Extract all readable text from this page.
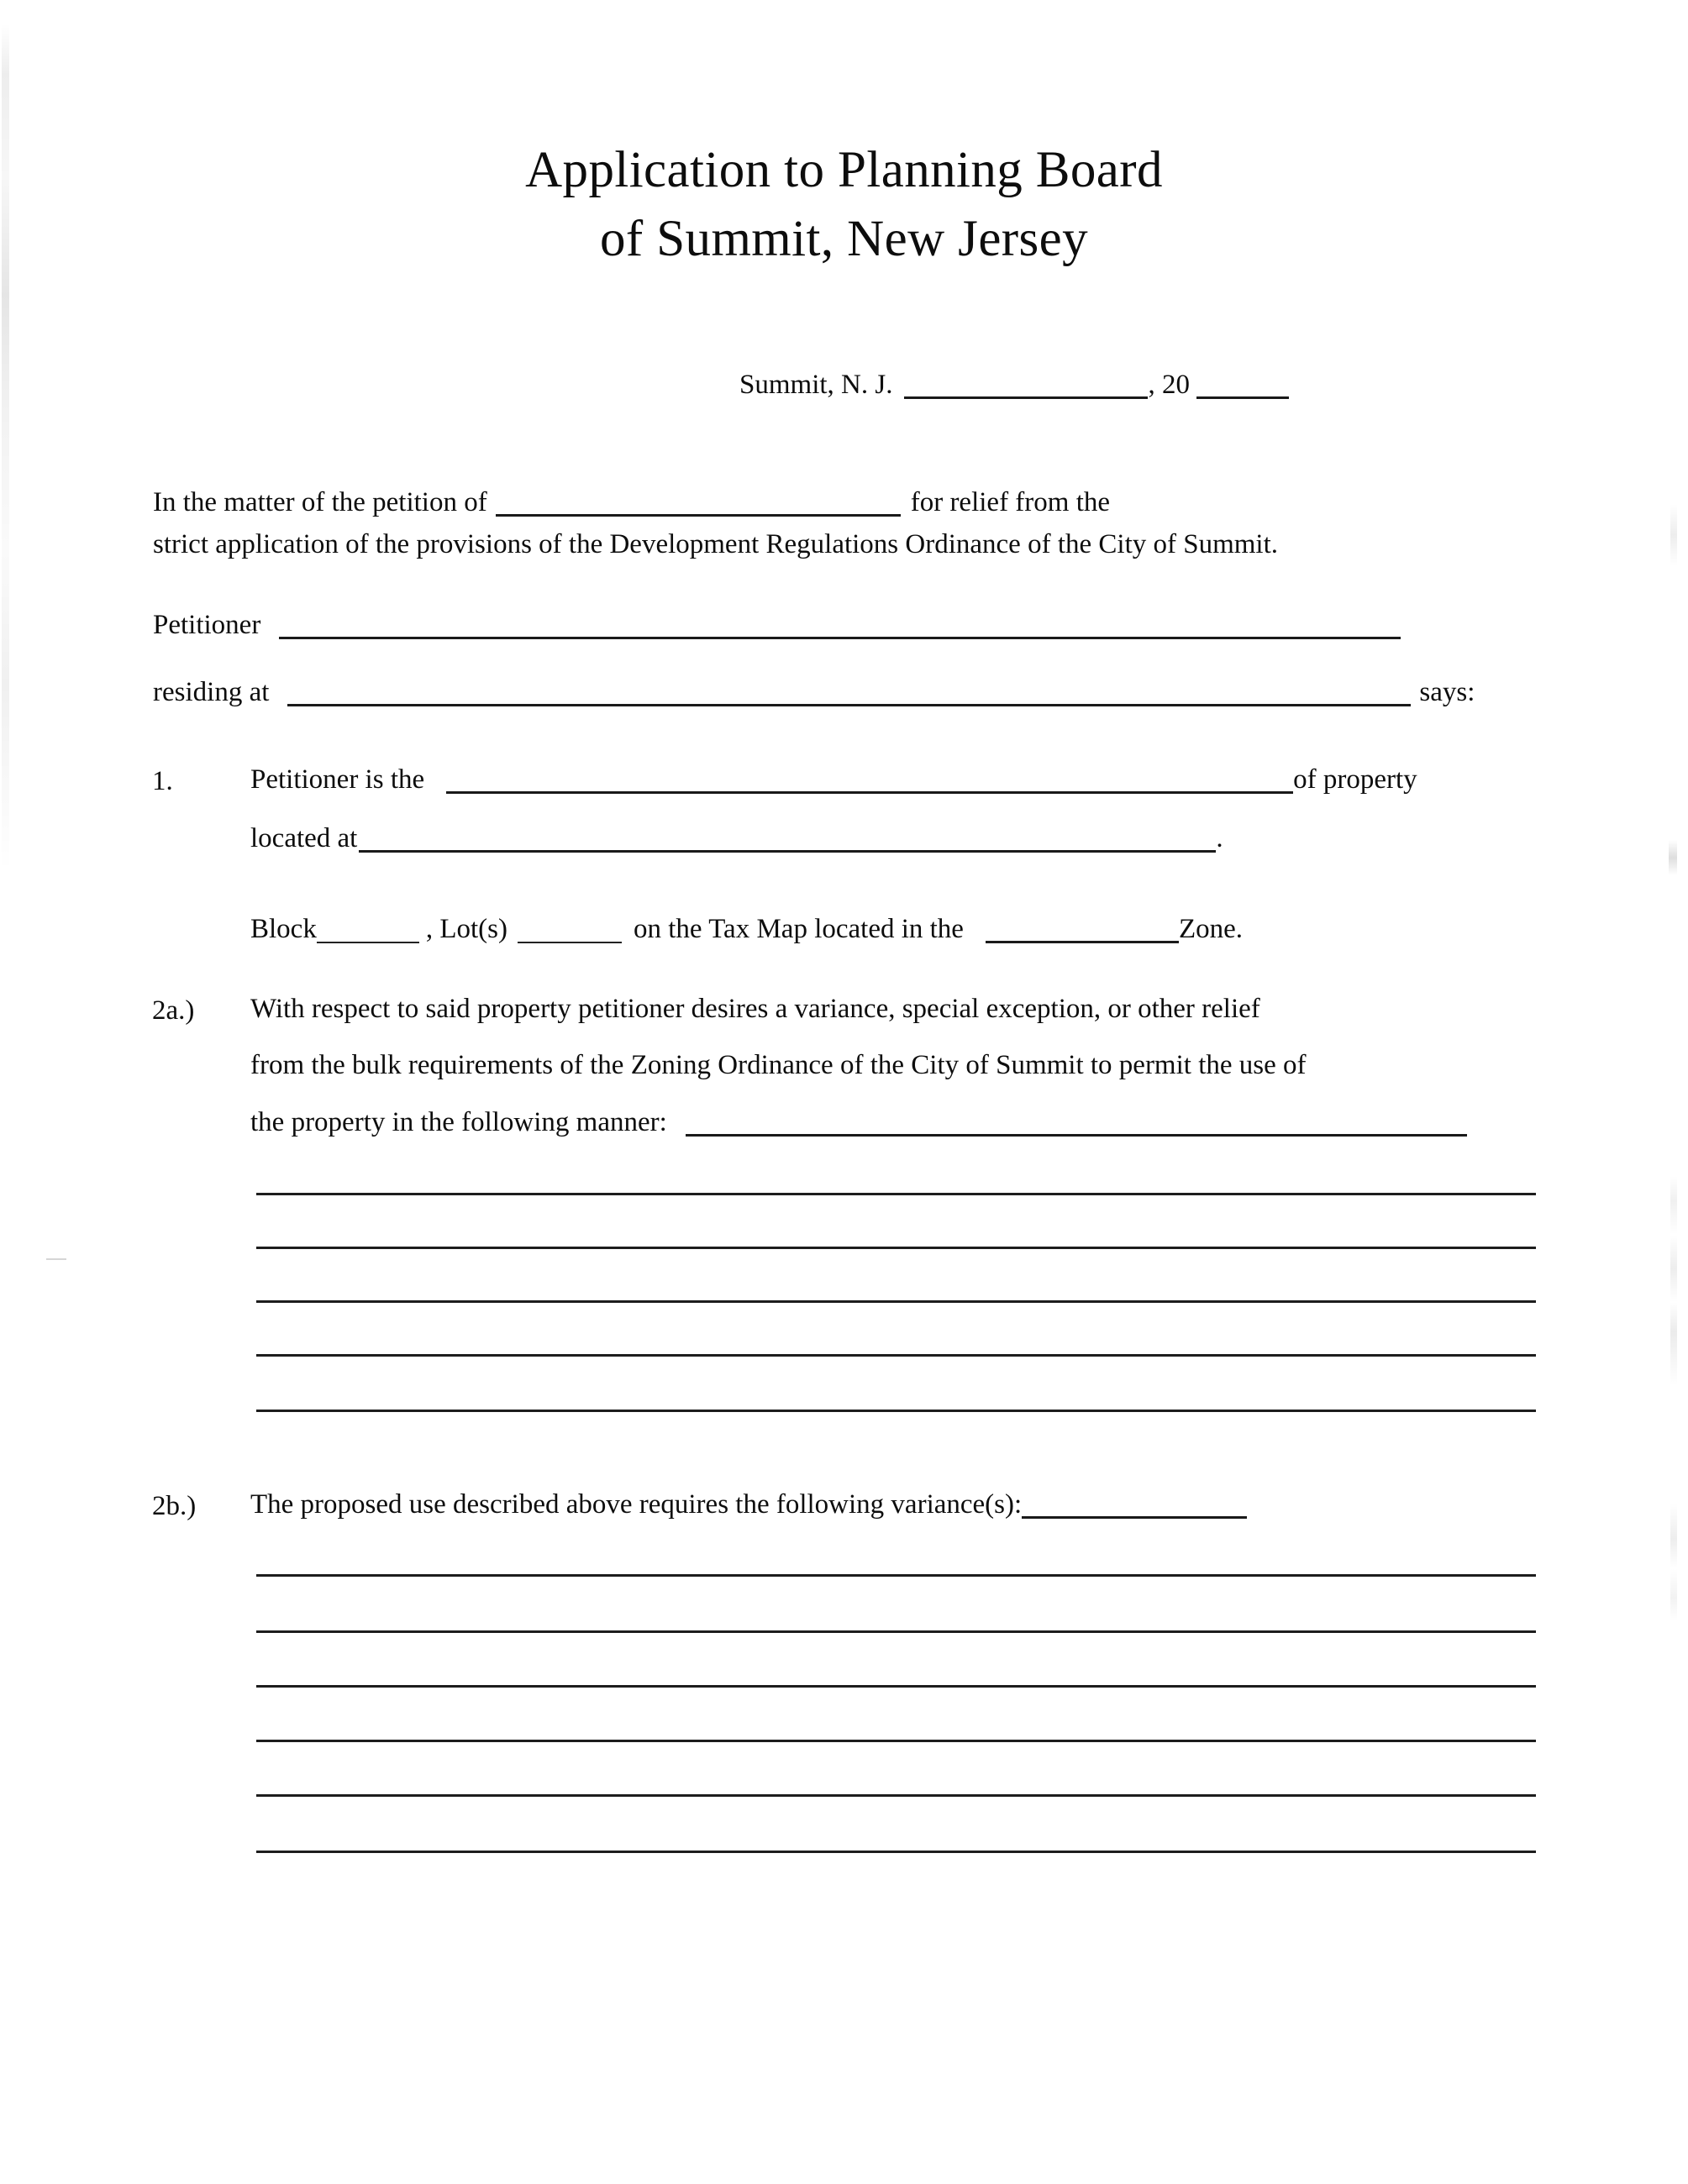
Application to Planning Board
of Summit, New Jersey
Summit, N. J.	, 20
In the matter of the petition of	for relief from the
strict application of the provisions of the Development Regulations Ordinance of the City of Summit.
Petitioner
residing at	says:
1.	Petitioner is the	of property
located at	.
Block	, Lot(s)	on the Tax Map located in the	Zone.
2a.) With respect to said property petitioner desires a variance, special exception, or other relief
from the bulk requirements of the Zoning Ordinance of the City of Summit to permit the use of
the property in the following manner:
2b.) The proposed use described above requires the following variance(s):
